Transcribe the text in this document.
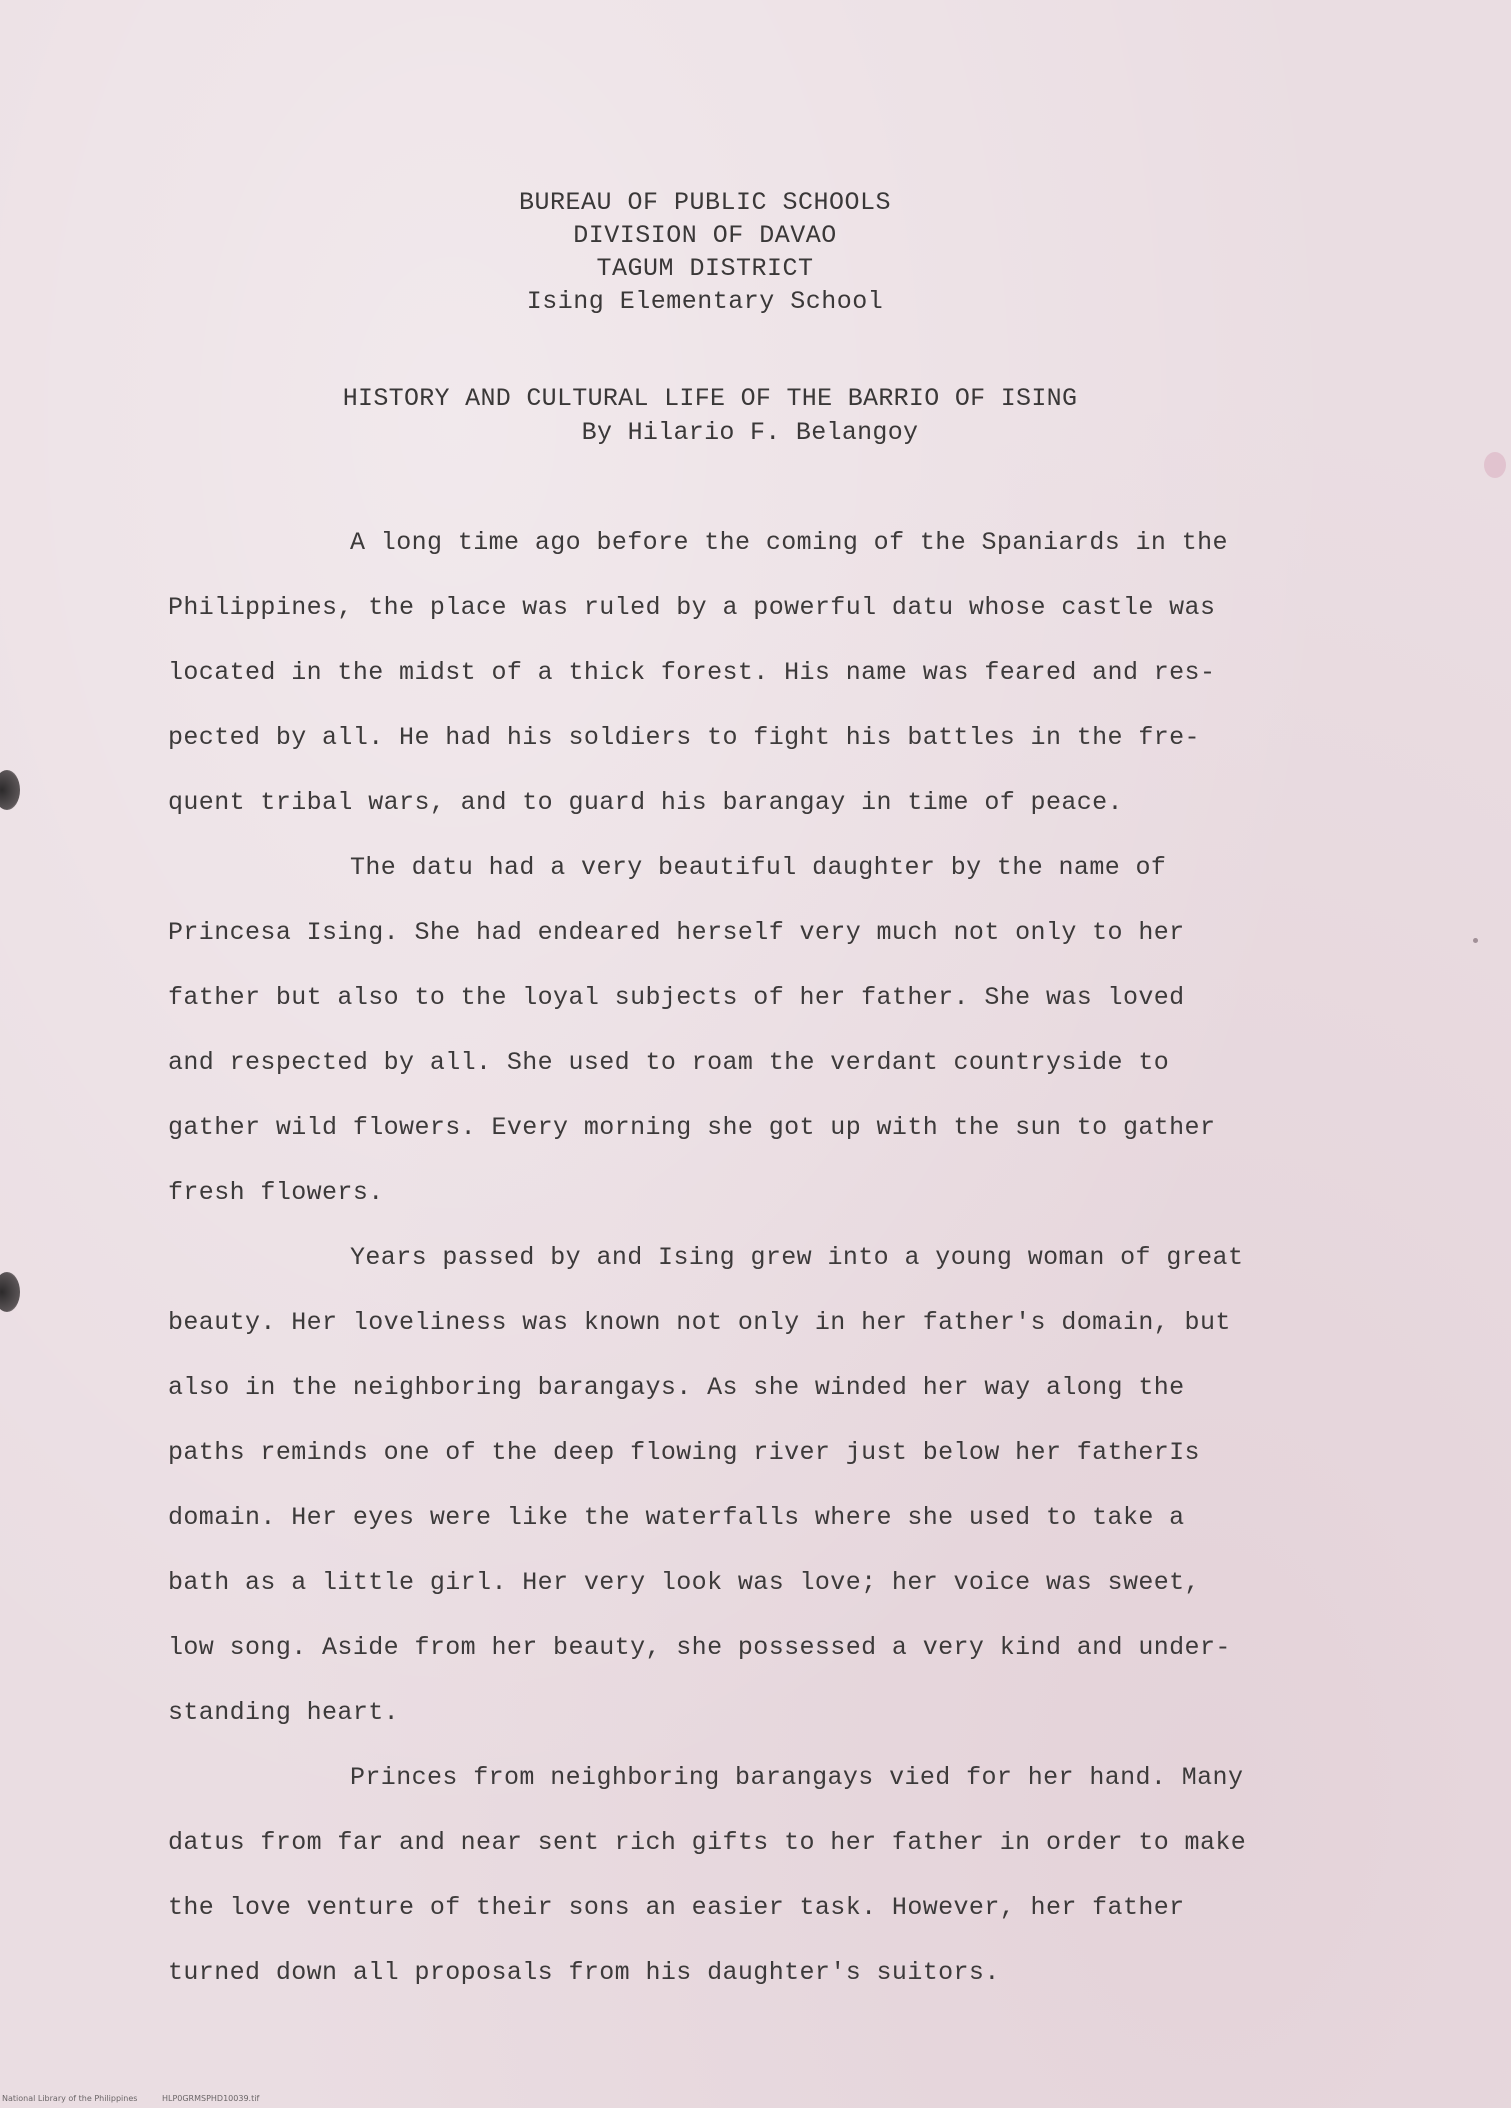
BUREAU OF PUBLIC SCHOOLS
DIVISION OF DAVAO
TAGUM DISTRICT
Ising Elementary School
HISTORY AND CULTURAL LIFE OF THE BARRIO OF ISING
By Hilario F. Belangoy
A long time ago before the coming of the Spaniards in the
Philippines, the place was ruled by a powerful datu whose castle was
located in the midst of a thick forest. His name was feared and res-
pected by all. He had his soldiers to fight his battles in the fre-
quent tribal wars, and to guard his barangay in time of peace.
The datu had a very beautiful daughter by the name of
Princesa Ising. She had endeared herself very much not only to her
father but also to the loyal subjects of her father. She was loved
and respected by all. She used to roam the verdant countryside to
gather wild flowers. Every morning she got up with the sun to gather
fresh flowers.
Years passed by and Ising grew into a young woman of great
beauty. Her loveliness was known not only in her father's domain, but
also in the neighboring barangays. As she winded her way along the
paths reminds one of the deep flowing river just below her fatherIs
domain. Her eyes were like the waterfalls where she used to take a
bath as a little girl. Her very look was love; her voice was sweet,
low song. Aside from her beauty, she possessed a very kind and under-
standing heart.
Princes from neighboring barangays vied for her hand. Many
datus from far and near sent rich gifts to her father in order to make
the love venture of their sons an easier task. However, her father
turned down all proposals from his daughter's suitors.
National Library of the Philippines	HLP0GRMSPHD10039.tif
